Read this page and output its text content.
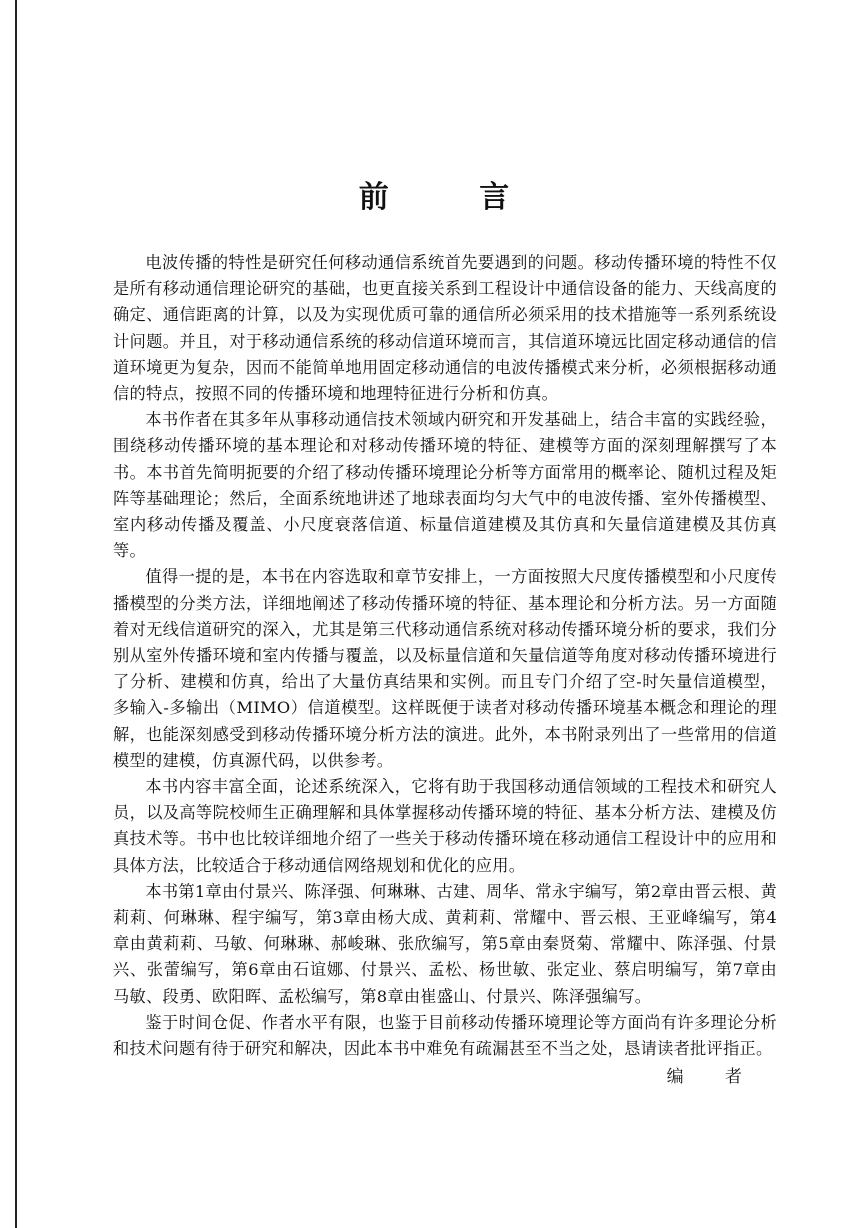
前 言

电波传播的特性是研究任何移动通信系统首先要遇到的问题。移动传播环境的特性不仅是所有移动通信理论研究的基础，也更直接关系到工程设计中通信设备的能力、天线高度的确定、通信距离的计算，以及为实现优质可靠的通信所必须采用的技术措施等一系列系统设计问题。并且，对于移动通信系统的移动信道环境而言，其信道环境远比固定移动通信的信道环境更为复杂，因而不能简单地用固定移动通信的电波传播模式来分析，必须根据移动通信的特点，按照不同的传播环境和地理特征进行分析和仿真。

本书作者在其多年从事移动通信技术领域内研究和开发基础上，结合丰富的实践经验，围绕移动传播环境的基本理论和对移动传播环境的特征、建模等方面的深刻理解撰写了本书。本书首先简明扼要的介绍了移动传播环境理论分析等方面常用的概率论、随机过程及矩阵等基础理论；然后，全面系统地讲述了地球表面均匀大气中的电波传播、室外传播模型、室内移动传播及覆盖、小尺度衰落信道、标量信道建模及其仿真和矢量信道建模及其仿真等。

值得一提的是，本书在内容选取和章节安排上，一方面按照大尺度传播模型和小尺度传播模型的分类方法，详细地阐述了移动传播环境的特征、基本理论和分析方法。另一方面随着对无线信道研究的深入，尤其是第三代移动通信系统对移动传播环境分析的要求，我们分别从室外传播环境和室内传播与覆盖，以及标量信道和矢量信道等角度对移动传播环境进行了分析、建模和仿真，给出了大量仿真结果和实例。而且专门介绍了空-时矢量信道模型，多输入-多输出（MIMO）信道模型。这样既便于读者对移动传播环境基本概念和理论的理解，也能深刻感受到移动传播环境分析方法的演进。此外，本书附录列出了一些常用的信道模型的建模，仿真源代码，以供参考。

本书内容丰富全面，论述系统深入，它将有助于我国移动通信领域的工程技术和研究人员，以及高等院校师生正确理解和具体掌握移动传播环境的特征、基本分析方法、建模及仿真技术等。书中也比较详细地介绍了一些关于移动传播环境在移动通信工程设计中的应用和具体方法，比较适合于移动通信网络规划和优化的应用。

本书第1章由付景兴、陈泽强、何琳琳、古建、周华、常永宇编写，第2章由晋云根、黄莉莉、何琳琳、程宇编写，第3章由杨大成、黄莉莉、常耀中、晋云根、王亚峰编写，第4章由黄莉莉、马敏、何琳琳、郝峻琳、张欣编写，第5章由秦贤菊、常耀中、陈泽强、付景兴、张蕾编写，第6章由石谊娜、付景兴、孟松、杨世敏、张定业、蔡启明编写，第7章由马敏、段勇、欧阳晖、孟松编写，第8章由崔盛山、付景兴、陈泽强编写。

鉴于时间仓促、作者水平有限，也鉴于目前移动传播环境理论等方面尚有许多理论分析和技术问题有待于研究和解决，因此本书中难免有疏漏甚至不当之处，恳请读者批评指正。

编 者
